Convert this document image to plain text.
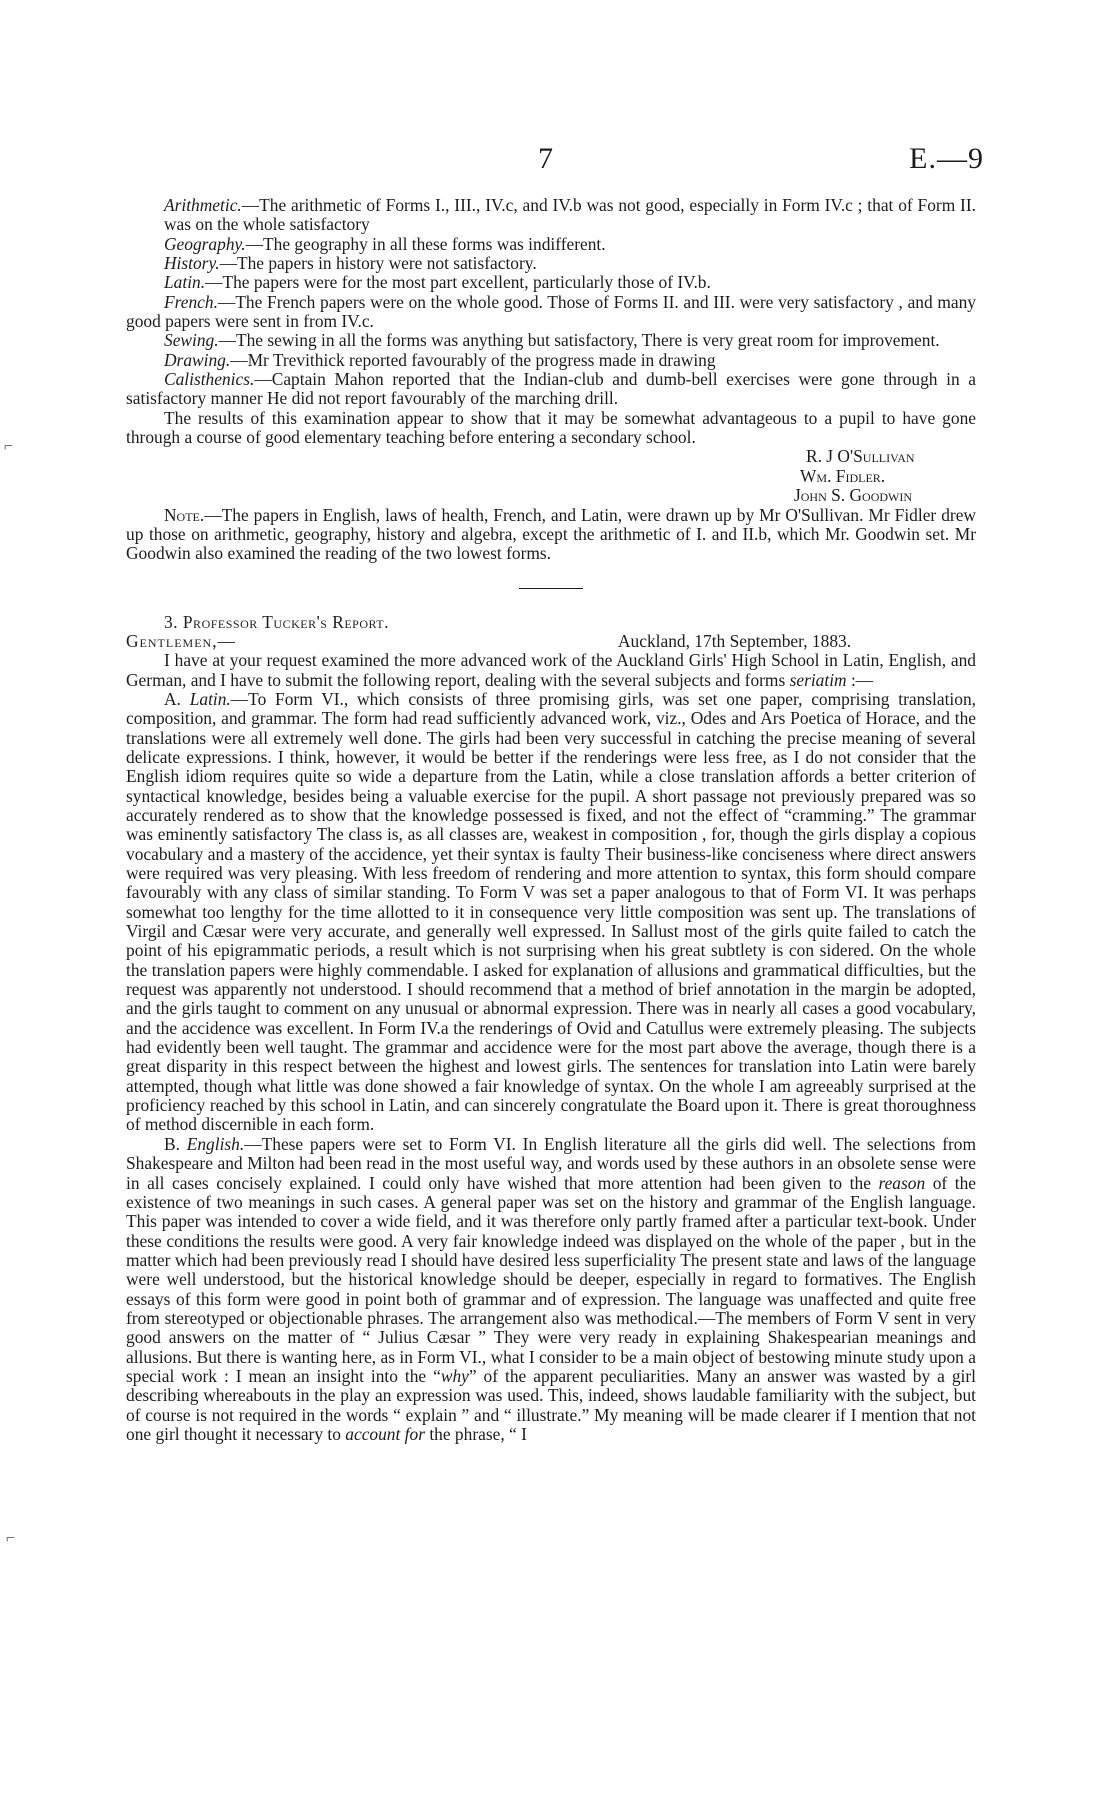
7	E.—9
⌐
⌐

Arithmetic.—The arithmetic of Forms I., III., IV.c, and IV.b was not good, especially in Form IV.c ; that of Form II. was on the whole satisfactory

Geography.—The geography in all these forms was indifferent.

History.—The papers in history were not satisfactory.

Latin.—The papers were for the most part excellent, particularly those of IV.b.

French.—The French papers were on the whole good. Those of Forms II. and III. were very satisfactory , and many good papers were sent in from IV.c.

Sewing.—The sewing in all the forms was anything but satisfactory, There is very great room for improvement.

Drawing.—Mr Trevithick reported favourably of the progress made in drawing

Calisthenics.—Captain Mahon reported that the Indian-club and dumb-bell exercises were gone through in a satisfactory manner He did not report favourably of the marching drill.

The results of this examination appear to show that it may be somewhat advantageous to a pupil to have gone through a course of good elementary teaching before entering a secondary school.

R. J O'Sullivan

Wm. Fidler.

John S. Goodwin

Note.—The papers in English, laws of health, French, and Latin, were drawn up by Mr O'Sullivan. Mr Fidler drew up those on arithmetic, geography, history and algebra, except the arithmetic of I. and II.b, which Mr. Goodwin set. Mr Goodwin also examined the reading of the two lowest forms.

3. Professor Tucker's Report.

Gentlemen,—	Auckland, 17th September, 1883.

I have at your request examined the more advanced work of the Auckland Girls' High School in Latin, English, and German, and I have to submit the following report, dealing with the several subjects and forms seriatim :—

A. Latin.—To Form VI., which consists of three promising girls, was set one paper, comprising translation, composition, and grammar. The form had read sufficiently advanced work, viz., Odes and Ars Poetica of Horace, and the translations were all extremely well done. The girls had been very successful in catching the precise meaning of several delicate expressions. I think, however, it would be better if the renderings were less free, as I do not consider that the English idiom requires quite so wide a departure from the Latin, while a close translation affords a better criterion of syntactical knowledge, besides being a valuable exercise for the pupil. A short passage not previously prepared was so accurately rendered as to show that the knowledge possessed is fixed, and not the effect of “cramming.” The grammar was eminently satisfactory The class is, as all classes are, weakest in composition , for, though the girls display a copious vocabulary and a mastery of the accidence, yet their syntax is faulty Their business-like conciseness where direct answers were required was very pleasing. With less freedom of rendering and more attention to syntax, this form should compare favourably with any class of similar standing. To Form V was set a paper analogous to that of Form VI. It was perhaps somewhat too lengthy for the time allotted to it in consequence very little composition was sent up. The translations of Virgil and Cæsar were very accurate, and generally well expressed. In Sallust most of the girls quite failed to catch the point of his epigrammatic periods, a result which is not surprising when his great subtlety is con sidered. On the whole the translation papers were highly commendable. I asked for explanation of allusions and grammatical difficulties, but the request was apparently not understood. I should recommend that a method of brief annotation in the margin be adopted, and the girls taught to comment on any unusual or abnormal expression. There was in nearly all cases a good vocabulary, and the accidence was excellent. In Form IV.a the renderings of Ovid and Catullus were extremely pleasing. The subjects had evidently been well taught. The grammar and accidence were for the most part above the average, though there is a great disparity in this respect between the highest and lowest girls. The sentences for translation into Latin were barely attempted, though what little was done showed a fair knowledge of syntax. On the whole I am agreeably surprised at the proficiency reached by this school in Latin, and can sincerely congratulate the Board upon it. There is great thoroughness of method discernible in each form.

B. English.—These papers were set to Form VI. In English literature all the girls did well. The selections from Shakespeare and Milton had been read in the most useful way, and words used by these authors in an obsolete sense were in all cases concisely explained. I could only have wished that more attention had been given to the reason of the existence of two meanings in such cases. A general paper was set on the history and grammar of the English language. This paper was intended to cover a wide field, and it was therefore only partly framed after a particular text-book. Under these conditions the results were good. A very fair knowledge indeed was displayed on the whole of the paper , but in the matter which had been previously read I should have desired less superficiality The present state and laws of the language were well understood, but the historical knowledge should be deeper, especially in regard to formatives. The English essays of this form were good in point both of grammar and of expression. The language was unaffected and quite free from stereotyped or objectionable phrases. The arrangement also was methodical.—The members of Form V sent in very good answers on the matter of “ Julius Cæsar ” They were very ready in explaining Shakespearian meanings and allusions. But there is wanting here, as in Form VI., what I consider to be a main object of bestowing minute study upon a special work : I mean an insight into the “why” of the apparent peculiarities. Many an answer was wasted by a girl describing whereabouts in the play an expression was used. This, indeed, shows laudable familiarity with the subject, but of course is not required in the words “ explain ” and “ illustrate.” My meaning will be made clearer if I mention that not one girl thought it necessary to account for the phrase, “ I
